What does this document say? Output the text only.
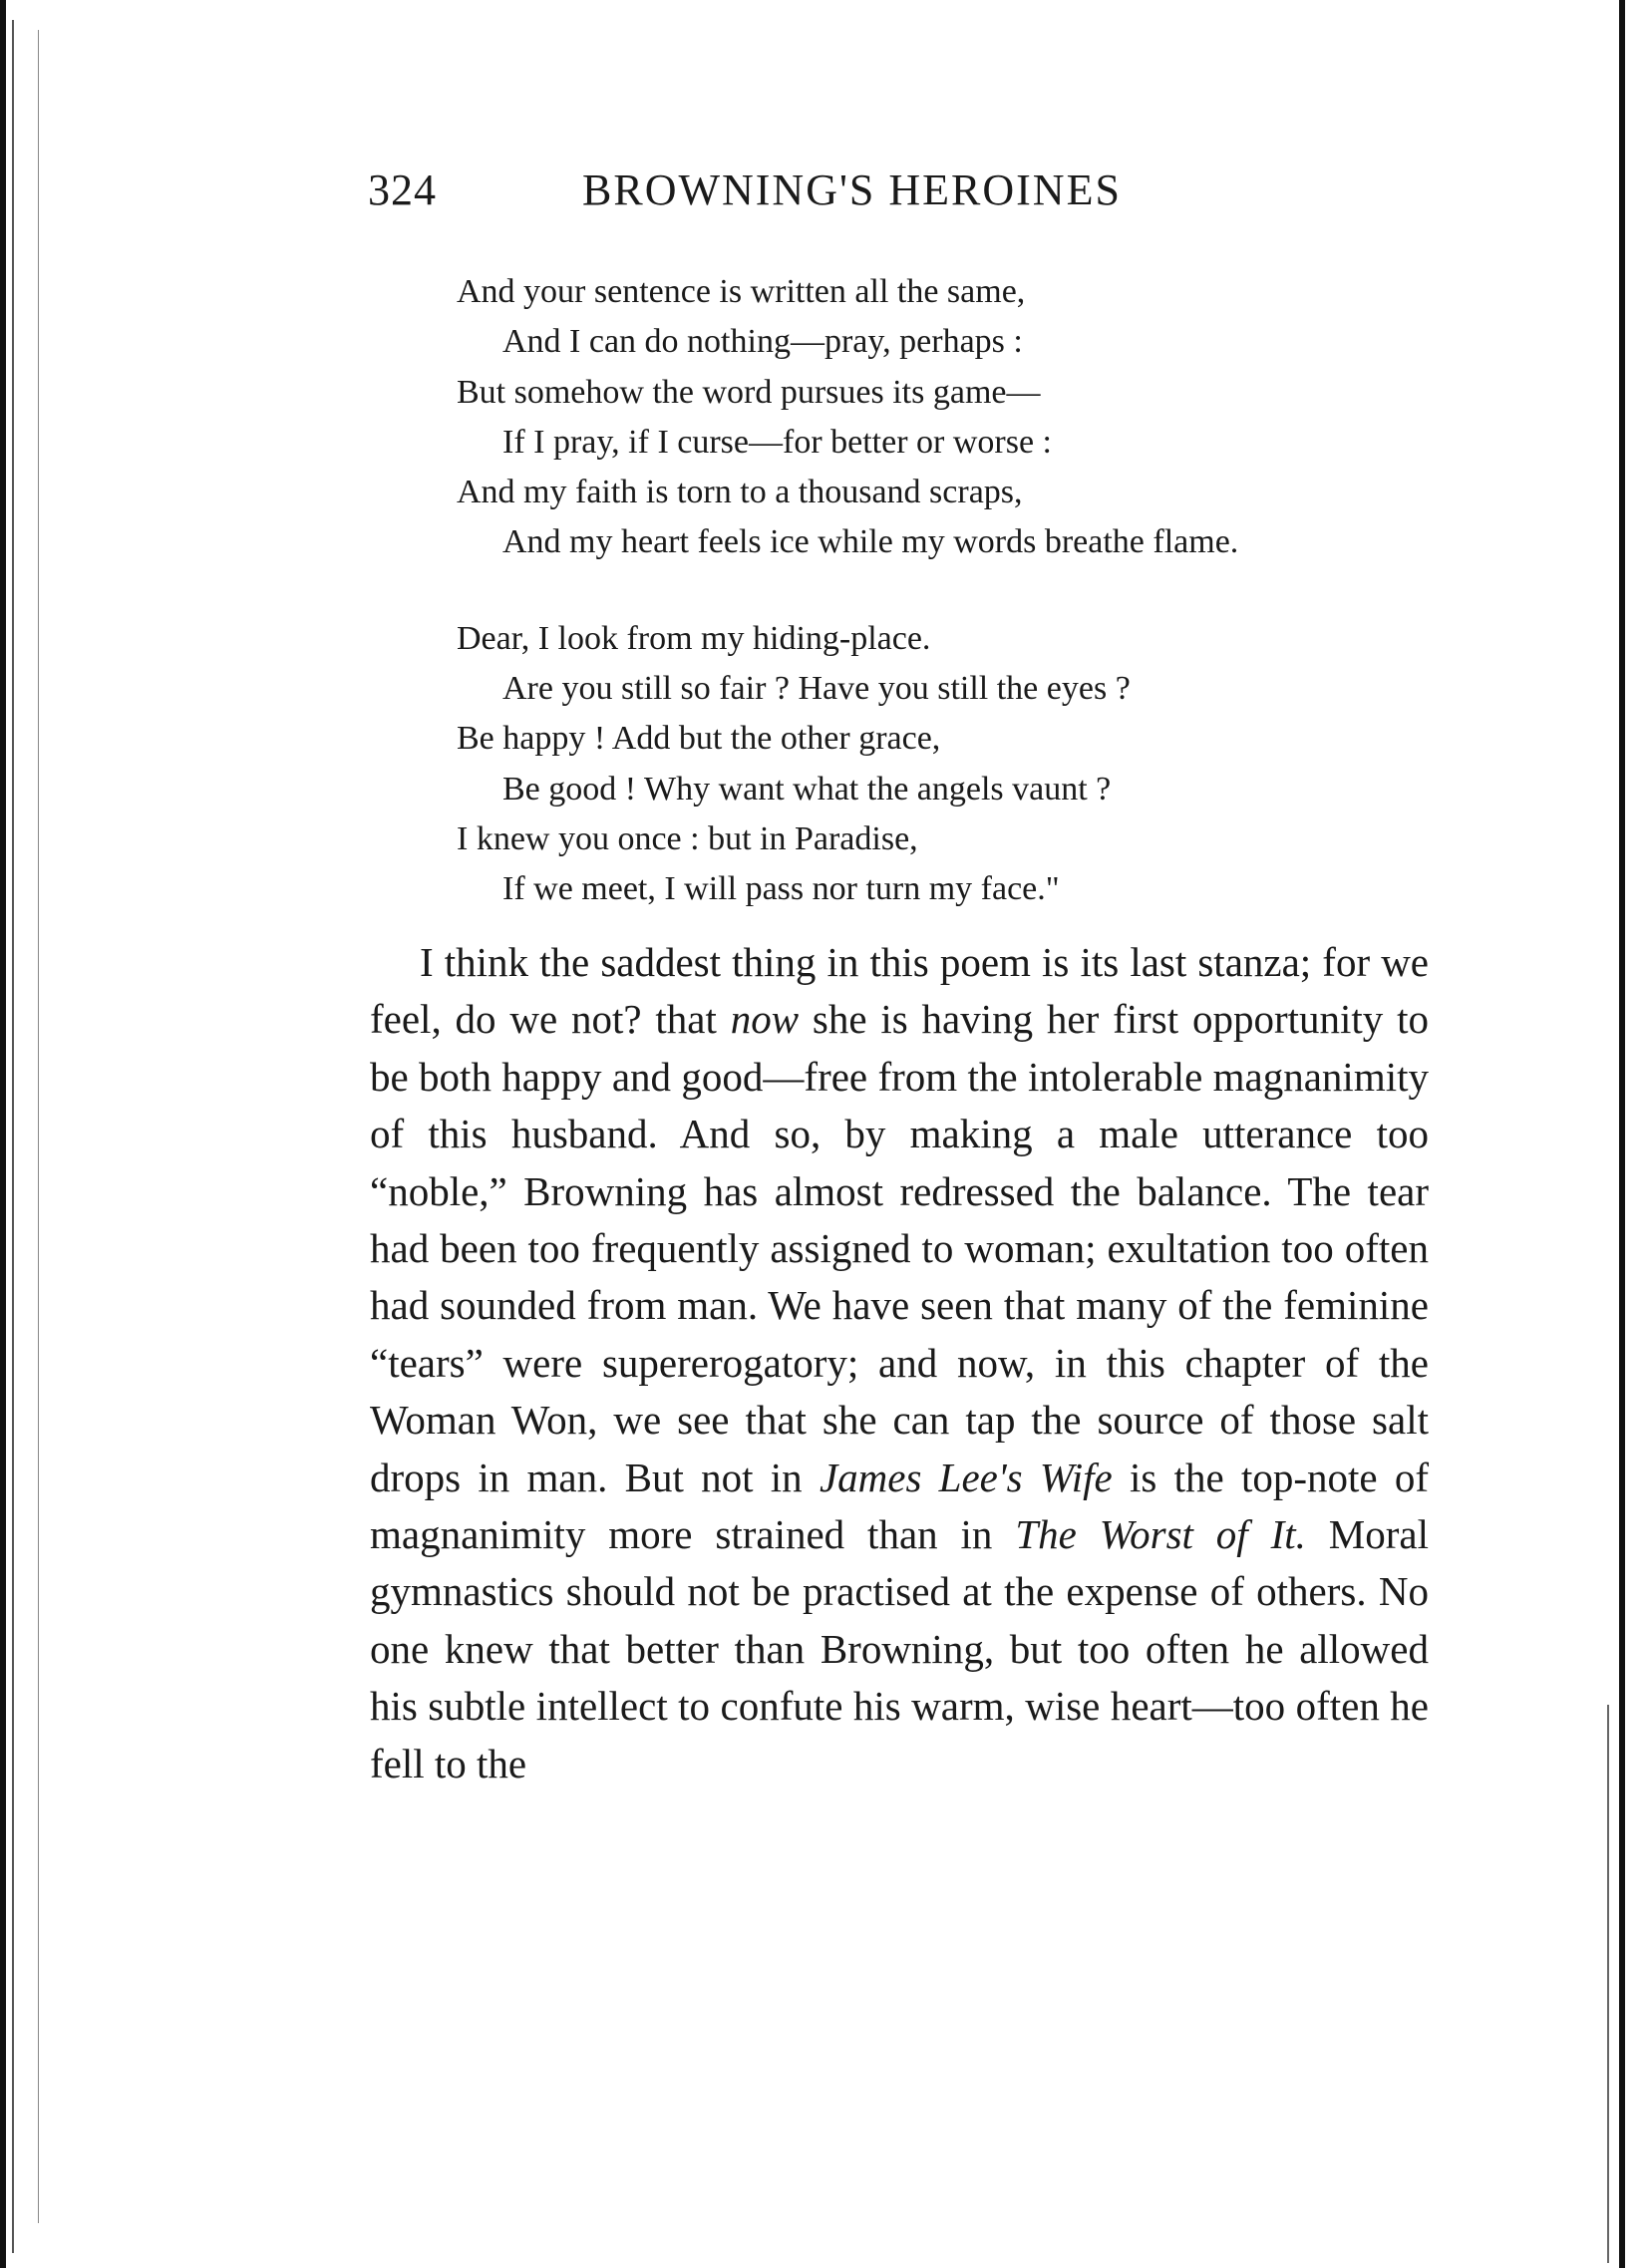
324	BROWNING'S HEROINES
And your sentence is written all the same,
And I can do nothing—pray, perhaps :
But somehow the word pursues its game—
If I pray, if I curse—for better or worse :
And my faith is torn to a thousand scraps,
And my heart feels ice while my words breathe flame.
Dear, I look from my hiding-place.
Are you still so fair ? Have you still the eyes ?
Be happy ! Add but the other grace,
Be good ! Why want what the angels vaunt ?
I knew you once : but in Paradise,
If we meet, I will pass nor turn my face."

I think the saddest thing in this poem is its last stanza; for we feel, do we not? that now she is having her first opportunity to be both happy and good—free from the intolerable magnanimity of this husband. And so, by making a male utterance too “noble,” Browning has almost redressed the balance. The tear had been too frequently assigned to woman; exultation too often had sounded from man. We have seen that many of the feminine “tears” were supererogatory; and now, in this chapter of the Woman Won, we see that she can tap the source of those salt drops in man. But not in James Lee's Wife is the top-note of magnanimity more strained than in The Worst of It. Moral gymnastics should not be practised at the expense of others. No one knew that better than Browning, but too often he allowed his subtle intellect to confute his warm, wise heart—too often he fell to the
